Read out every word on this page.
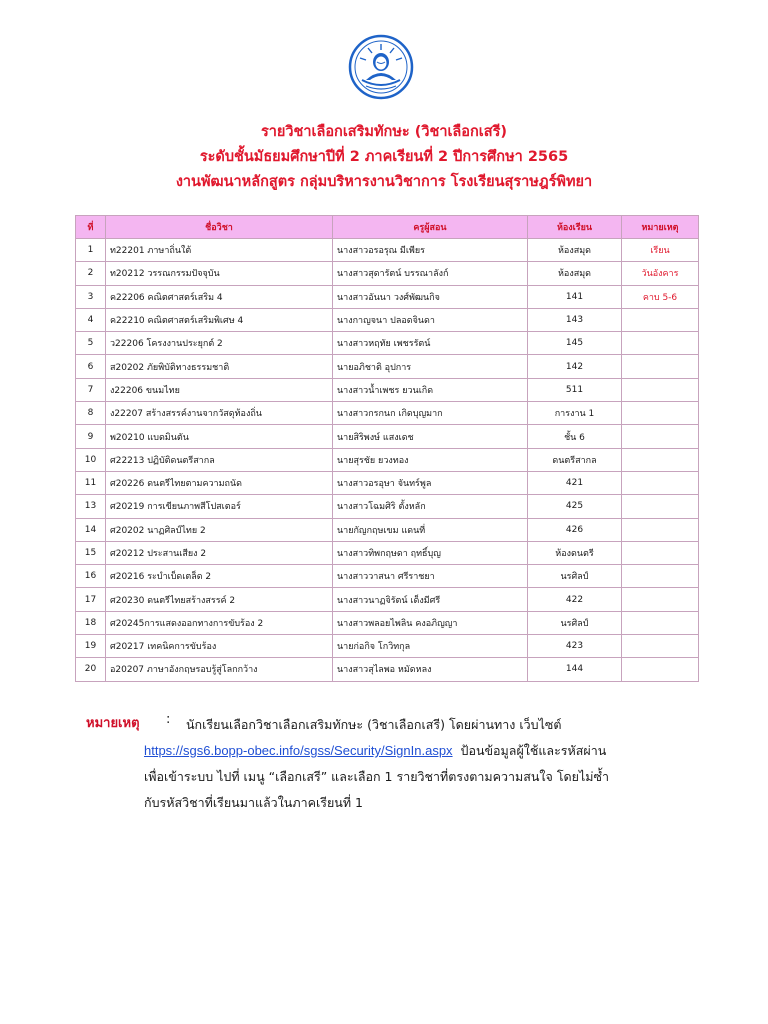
รายวิชาเลือกเสริมทักษะ (วิชาเลือกเสรี)
ระดับชั้นมัธยมศึกษาปีที่ 2 ภาคเรียนที่ 2 ปีการศึกษา 2565
งานพัฒนาหลักสูตร กลุ่มบริหารงานวิชาการ โรงเรียนสุราษฎร์พิทยา
ที่	ชื่อวิชา	ครูผู้สอน	ห้องเรียน	หมายเหตุ
1	ท22201 ภาษาถิ่นใต้	นางสาวอรอรุณ มีเพียร	ห้องสมุด	เรียน
2	ท20212 วรรณกรรมปัจจุบัน	นางสาวสุดารัตน์ บรรณาลังก์	ห้องสมุด	วันอังคาร
3	ค22206 คณิตศาสตร์เสริม 4	นางสาวอันนา วงศ์พัฒนกิจ	141	คาบ 5-6
4	ค22210 คณิตศาสตร์เสริมพิเศษ 4	นางกาญจนา ปลอดจินดา	143	
5	ว22206 โครงงานประยุกต์ 2	นางสาวหฤทัย เพชรรัตน์	145	
6	ส20202 ภัยพิบัติทางธรรมชาติ	นายอภิชาติ อุปการ	142	
7	ง22206 ขนมไทย	นางสาวน้ำเพชร ยวนเกิด	511	
8	ง22207 สร้างสรรค์งานจากวัสดุท้องถิ่น	นางสาวกรกนก เกิดบุญมาก	การงาน 1	
9	พ20210 แบดมินตัน	นายสิริพงษ์ แสงเดช	ชั้น 6	
10	ศ22213 ปฏิบัติดนตรีสากล	นายสุรชัย ยวงทอง	ดนตรีสากล	
11	ศ20226 ดนตรีไทยตามความถนัด	นางสาวอรอุษา จันทร์พูล	421	
13	ศ20219 การเขียนภาพสีโปสเตอร์	นางสาวโฉมศิริ ตั้งหลัก	425	
14	ศ20202 นาฏศิลป์ไทย 2	นายกัญกฤษเขม แดนที่	426	
15	ศ20212 ประสานเสียง 2	นางสาวทิพกฤษดา ฤทธิ์บุญ	ห้องดนตรี	
16	ศ20216 ระบำเบ็ดเตล็ด 2	นางสาววาสนา ศรีราชยา	นรศิลป์	
17	ศ20230 ดนตรีไทยสร้างสรรค์ 2	นางสาวนาฏจิรัตน์ เด็งมีศรี	422	
18	ศ20245การแสดงออกทางการขับร้อง 2	นางสาวพลอยไพลิน คงอภิญญา	นรศิลป์	
19	ศ20217 เทคนิคการขับร้อง	นายก่อกิจ โกวิทกุล	423	
20	อ20207 ภาษาอังกฤษรอบรู้สู่โลกกว้าง	นางสาวสุไลพอ หมัดหลง	144	
หมายเหตุ :	นักเรียนเลือกวิชาเลือกเสริมทักษะ (วิชาเลือกเสรี) โดยผ่านทาง เว็บไซต์
https://sgs6.bopp-obec.info/sgss/Security/SignIn.aspx ป้อนข้อมูลผู้ใช้และรหัสผ่าน
เพื่อเข้าระบบ ไปที่ เมนู “เลือกเสรี” และเลือก 1 รายวิชาที่ตรงตามความสนใจ โดยไม่ซ้ำ
กับรหัสวิชาที่เรียนมาแล้วในภาคเรียนที่ 1
